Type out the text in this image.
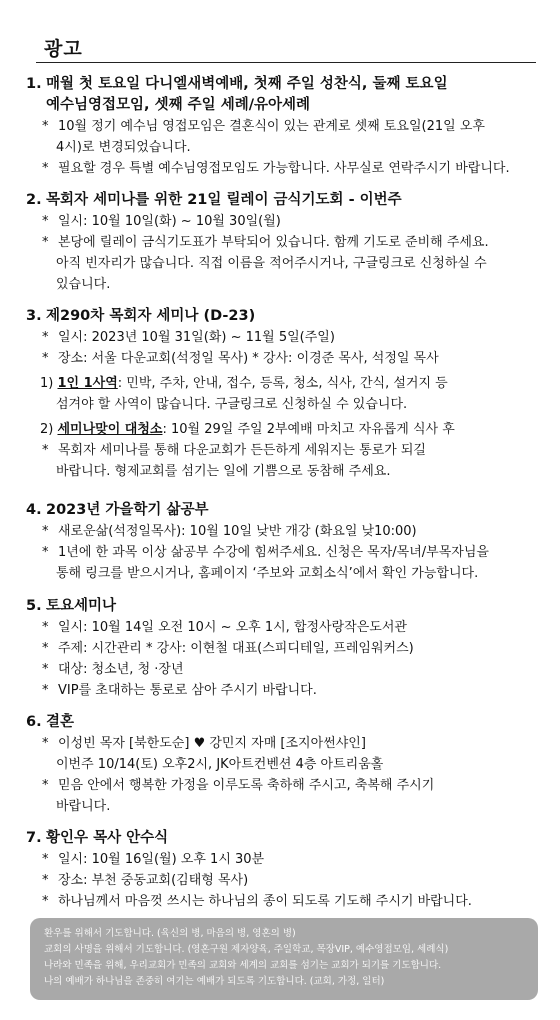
광고
1. 매월 첫 토요일 다니엘새벽예배, 첫째 주일 성찬식, 둘째 토요일
예수님영접모임, 셋째 주일 세례/유아세례
* 10월 정기 예수님 영접모임은 결혼식이 있는 관계로 셋째 토요일(21일 오후
4시)로 변경되었습니다.
* 필요할 경우 특별 예수님영접모임도 가능합니다. 사무실로 연락주시기 바랍니다.
2. 목회자 세미나를 위한 21일 릴레이 금식기도회 - 이번주
* 일시: 10월 10일(화) ~ 10월 30일(월)
* 본당에 릴레이 금식기도표가 부탁되어 있습니다. 함께 기도로 준비해 주세요.
아직 빈자리가 많습니다. 직접 이름을 적어주시거나, 구글링크로 신청하실 수
있습니다.
3. 제290차 목회자 세미나 (D-23)
* 일시: 2023년 10월 31일(화) ~ 11월 5일(주일)
* 장소: 서울 다운교회(석정일 목사) * 강사: 이경준 목사, 석정일 목사
1) 1인 1사역: 민박, 주차, 안내, 접수, 등록, 청소, 식사, 간식, 설거지 등
섬겨야 할 사역이 많습니다. 구글링크로 신청하실 수 있습니다.
2) 세미나맞이 대청소: 10월 29일 주일 2부예배 마치고 자유롭게 식사 후
* 목회자 세미나를 통해 다운교회가 든든하게 세워지는 통로가 되길
바랍니다. 형제교회를 섬기는 일에 기쁨으로 동참해 주세요.
4. 2023년 가을학기 삶공부
* 새로운삶(석정일목사): 10월 10일 낮반 개강 (화요일 낮10:00)
* 1년에 한 과목 이상 삶공부 수강에 힘써주세요. 신청은 목자/목녀/부목자님을
통해 링크를 받으시거나, 홈페이지 ‘주보와 교회소식’에서 확인 가능합니다.
5. 토요세미나
* 일시: 10월 14일 오전 10시 ~ 오후 1시, 합정사랑작은도서관
* 주제: 시간관리 * 강사: 이현철 대표(스피디테일, 프레임워커스)
* 대상: 청소년, 청 ·장년
* VIP를 초대하는 통로로 삼아 주시기 바랍니다.
6. 결혼
* 이성빈 목자 [북한도순] ♥ 강민지 자매 [조지아썬샤인]
이번주 10/14(토) 오후2시, JK아트컨벤션 4층 아트리움홀
* 믿음 안에서 행복한 가정을 이루도록 축하해 주시고, 축복해 주시기
바랍니다.
7. 황인우 목사 안수식
* 일시: 10월 16일(월) 오후 1시 30분
* 장소: 부천 중동교회(김태형 목사)
* 하나님께서 마음껏 쓰시는 하나님의 종이 되도록 기도해 주시기 바랍니다.
환우를 위해서 기도합니다. (육신의 병, 마음의 병, 영혼의 병)
교회의 사명을 위해서 기도합니다. (영혼구원 제자양육, 주일학교, 목장VIP, 예수영접모임, 세례식)
나라와 민족을 위해, 우리교회가 민족의 교회와 세계의 교회를 섬기는 교회가 되기를 기도합니다.
나의 예배가 하나님을 존중히 여기는 예배가 되도록 기도합니다. (교회, 가정, 일터)
